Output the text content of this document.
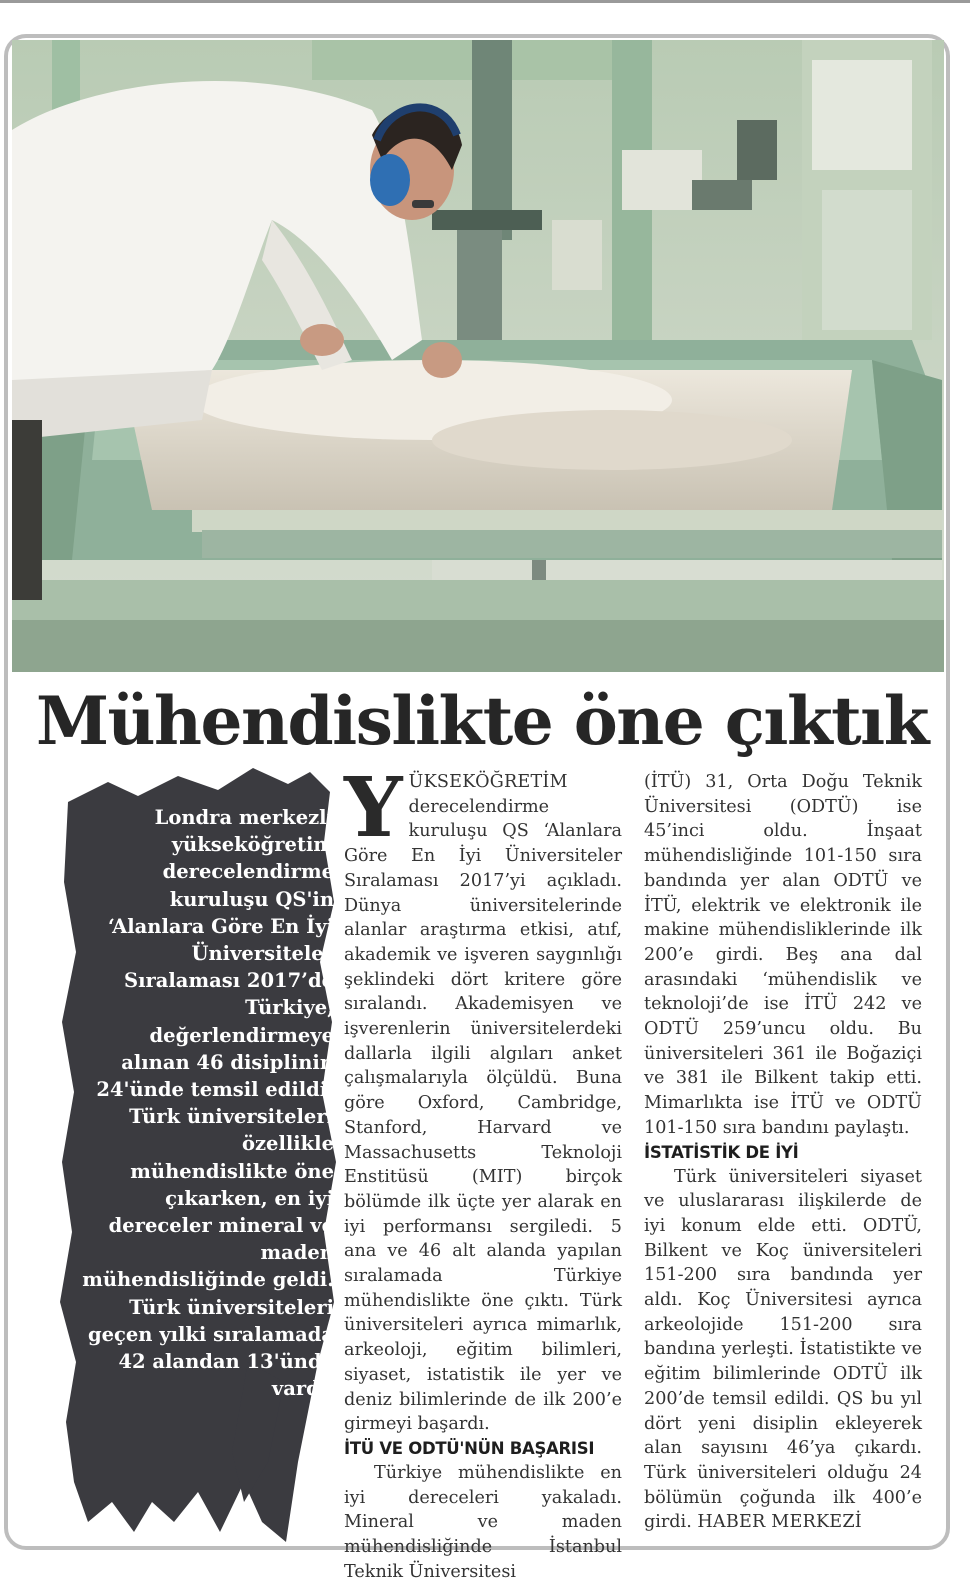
Mühendislikte öne çıktık

Londra merkezli yükseköğretim derecelendirme kuruluşu QS'in ‘Alanlara Göre En İyi Üniversiteler Sıralaması 2017’de Türkiye, değerlendirmeye alınan 46 disiplinin 24'ünde temsil edildi. Türk üniversiteleri özellikle mühendislikte öne çıkarken, en iyi dereceler mineral ve maden mühendisliğinde geldi. Türk üniversiteleri geçen yılki sıralamada 42 alandan 13'ünde vardı.

YÜKSEKÖĞRETİM derecelendirme kuruluşu QS ‘Alanlara Göre En İyi Üniversiteler Sıralaması 2017’yi açıkladı. Dünya üniversitelerinde alanlar araştırma etkisi, atıf, akademik ve işveren saygınlığı şeklindeki dört kritere göre sıralandı. Akademisyen ve işverenlerin üniversitelerdeki dallarla ilgili algıları anket çalışmalarıyla ölçüldü. Buna göre Oxford, Cambridge, Stanford, Harvard ve Massachusetts Teknoloji Enstitüsü (MIT) birçok bölümde ilk üçte yer alarak en iyi performansı sergiledi. 5 ana ve 46 alt alanda yapılan sıralamada Türkiye mühendislikte öne çıktı. Türk üniversiteleri ayrıca mimarlık, arkeoloji, eğitim bilimleri, siyaset, istatistik ile yer ve deniz bilimlerinde de ilk 200’e girmeyi başardı.

İTÜ VE ODTÜ'NÜN BAŞARISI

Türkiye mühendislikte en iyi dereceleri yakaladı. Mineral ve maden mühendisliğinde İstanbul Teknik Üniversitesi

(İTÜ) 31, Orta Doğu Teknik Üniversitesi (ODTÜ) ise 45’inci oldu. İnşaat mühendisliğinde 101-150 sıra bandında yer alan ODTÜ ve İTÜ, elektrik ve elektronik ile makine mühendisliklerinde ilk 200’e girdi. Beş ana dal arasındaki ‘mühendislik ve teknoloji’de ise İTÜ 242 ve ODTÜ 259’uncu oldu. Bu üniversiteleri 361 ile Boğaziçi ve 381 ile Bilkent takip etti. Mimarlıkta ise İTÜ ve ODTÜ 101-150 sıra bandını paylaştı.

İSTATİSTİK DE İYİ

Türk üniversiteleri siyaset ve uluslararası ilişkilerde de iyi konum elde etti. ODTÜ, Bilkent ve Koç üniversiteleri 151-200 sıra bandında yer aldı. Koç Üniversitesi ayrıca arkeolojide 151-200 sıra bandına yerleşti. İstatistikte ve eğitim bilimlerinde ODTÜ ilk 200’de temsil edildi. QS bu yıl dört yeni disiplin ekleyerek alan sayısını 46’ya çıkardı. Türk üniversiteleri olduğu 24 bölümün çoğunda ilk 400’e girdi. HABER MERKEZİ
